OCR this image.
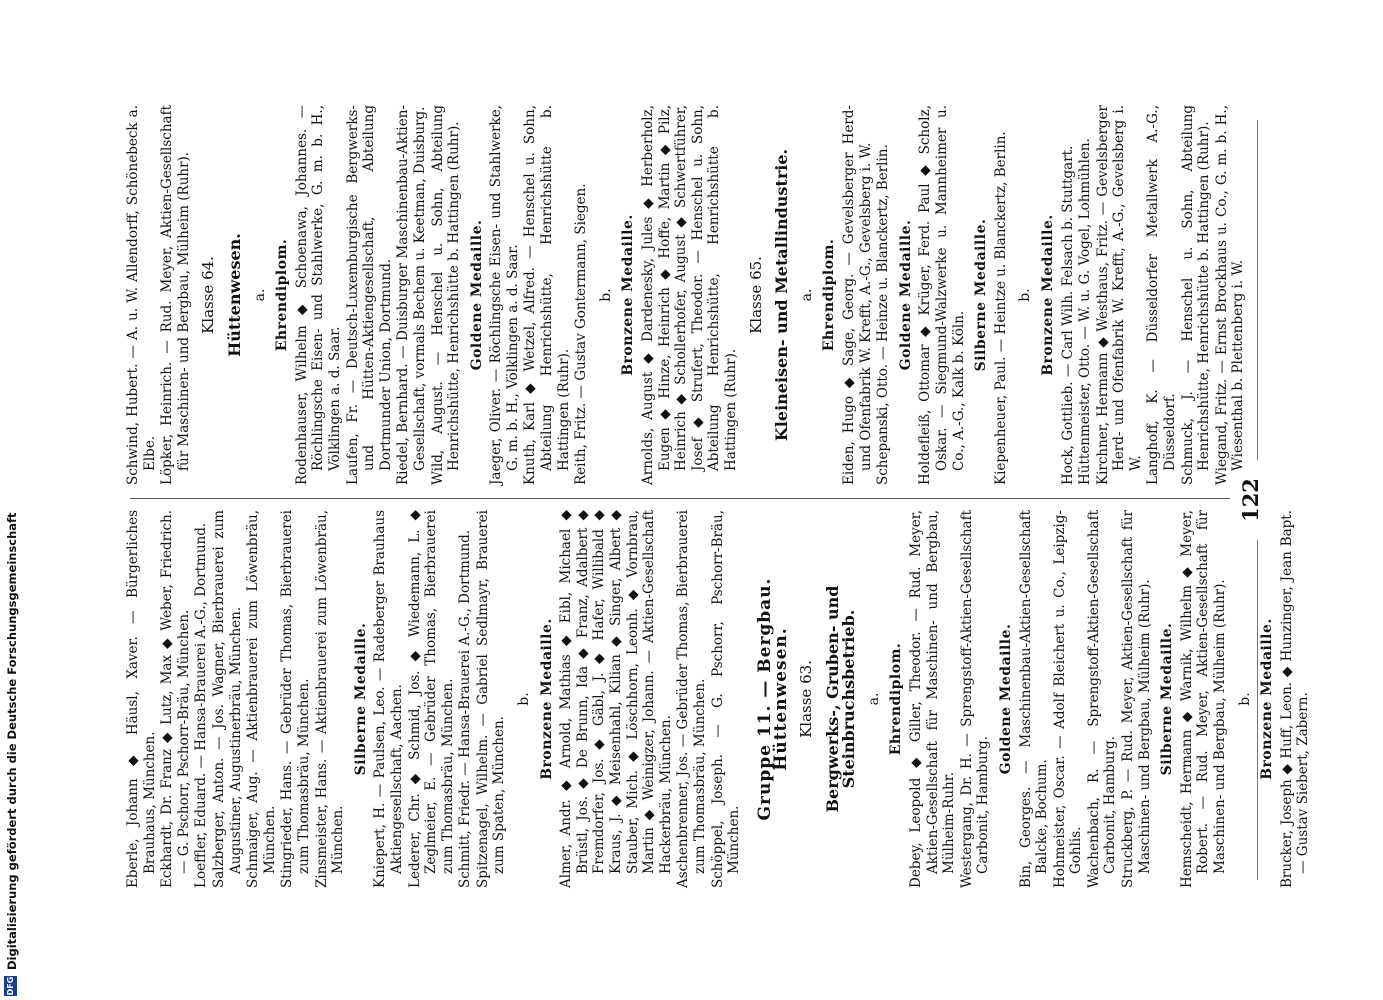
DFG
Digitalisierung gefördert durch die Deutsche Forschungsgemeinschaft
122

Eberle, Johann ◆ Häusl, Xaver. — Bürgerliches Brauhaus, München. Eckhardt, Dr. Franz ◆ Lutz, Max ◆ Weber, Friedrich. — G. Pschorr, Pschorr-Bräu, München. Loeffler, Eduard. — Hansa-Brauerei A.-G., Dortmund. Salzberger, Anton. — Jos. Wagner, Bierbrauerei zum Augustiner, Augustinerbräu, München. Schmaiger, Aug. — Aktienbrauerei zum Löwenbräu, München. Stingrieder, Hans. — Gebrüder Thomas, Bierbrauerei zum Thomasbräu, München. Zinsmeister, Hans. — Aktienbrauerei zum Löwenbräu, München.

Silberne Medaille. Kniepert, H. — Paulsen, Leo. — Radeberger Brauhaus Aktiengesellschaft, Aachen. Lederer, Chr. ◆ Schmid, Jos. ◆ Wiedemann, L. ◆ Zeglmeier, E. — Gebrüder Thomas, Bierbrauerei zum Thomasbräu, München. Schmitt, Friedr. — Hansa-Brauerei A.-G., Dortmund. Spitzenagel, Wilhelm. — Gabriel Sedlmayr, Brauerei zum Spaten, München.

b. Bronzene Medaille. Almer, Andr. ◆ Arnold, Mathias ◆ Eibl, Michael ◆ Brüstl, Jos. ◆ De Brunn, Ida ◆ Franz, Adalbert ◆ Fremdorfer, Jos. ◆ Gäbl, J. ◆ Hafer, Willibald ◆ Kraus, J. ◆ Meisenhahl, Kilian ◆ Singer, Albert ◆ Stauber, Mich. ◆ Löschhorn, Leonh. ◆ Vornbrau, Martin ◆ Weinigzer, Johann. — Aktien-Gesellschaft Hackerbräu, München. Aschenbrenner, Jos. — Gebrüder Thomas, Bierbrauerei zum Thomasbräu, München. Schöppel, Joseph. — G. Pschorr, Pschorr-Bräu, München.

Gruppe 11. — Bergbau. Hüttenwesen. Klasse 63. Bergwerks-, Gruben- und Steinbruchsbetrieb. a. Ehrendiplom. Debey, Leopold ◆ Giller, Theodor. — Rud. Meyer, Aktien-Gesellschaft für Maschinen- und Bergbau, Mülheim-Ruhr. Westergang, Dr. H. — Sprengstoff-Aktien-Gesellschaft Carbonit, Hamburg.

Goldene Medaille. Bin, Georges. — Maschinenbau-Aktien-Gesellschaft Balcke, Bochum. Hohmeister, Oscar. — Adolf Bleichert u. Co., Leipzig-Gohlis. Wachenbach, R. — Sprengstoff-Aktien-Gesellschaft Carbonit, Hamburg. Struckberg, P. — Rud. Meyer, Aktien-Gesellschaft für Maschinen- und Bergbau, Mülheim (Ruhr). Silberne Medaille. Hemscheidt, Hermann ◆ Warnik, Wilhelm ◆ Meyer, Robert. — Rud. Meyer, Aktien-Gesellschaft für Maschinen- und Bergbau, Mülheim (Ruhr). b. Bronzene Medaille. Brucker, Joseph ◆ Huff, Leon. ◆ Hunzinger, Jean Bapt. — Gustav Siebert, Zabern.

Schwind, Hubert. — A. u. W. Allendorff, Schönebeck a. Elbe. Löpker, Heinrich. — Rud. Meyer, Aktien-Gesellschaft für Maschinen- und Bergbau, Mülheim (Ruhr). Klasse 64. Hüttenwesen. a. Ehrendiplom. Rodenhauser, Wilhelm ◆ Schoenawa, Johannes. — Röchlingsche Eisen- und Stahlwerke, G. m. b. H., Völklingen a. d. Saar. Laufen, Fr. — Deutsch-Luxemburgische Bergwerks- und Hütten-Aktiengesellschaft, Abteilung Dortmunder Union, Dortmund. Riedel, Bernhard. — Duisburger Maschinenbau-Aktien-Gesellschaft, vormals Bechem u. Keetman, Duisburg. Wild, August. — Henschel u. Sohn, Abteilung Henrichshütte, Henrichshütte b. Hattingen (Ruhr). Goldene Medaille. Jaeger, Oliver. — Röchlingsche Eisen- und Stahlwerke, G. m. b. H., Völklingen a. d. Saar. Knuth, Karl ◆ Wetzel, Alfred. — Henschel u. Sohn, Abteilung Henrichshütte, Henrichshütte b. Hattingen (Ruhr). Reith, Fritz. — Gustav Gontermann, Siegen. b. Bronzene Medaille. Arnolds, August ◆ Dardenesky, Jules ◆ Herberholz, Eugen ◆ Hinze, Heinrich ◆ Hoffe, Martin ◆ Pilz, Heinrich ◆ Schollerhofer, August ◆ Schwertführer, Josef ◆ Strufert, Theodor. — Henschel u. Sohn, Abteilung Henrichshütte, Henrichshütte b. Hattingen (Ruhr).

Klasse 65. Kleineisen- und Metallindustrie. a. Ehrendiplom. Eiden, Hugo ◆ Sage, Georg. — Gevelsberger Herd- und Ofenfabrik W. Krefft, A.-G., Gevelsberg i. W. Schepanski, Otto. — Heinze u. Blanckertz, Berlin. Goldene Medaille. Holdefleiß, Ottomar ◆ Krüger, Ferd. Paul ◆ Scholz, Oskar. — Siegmund-Walzwerke u. Mannheimer u. Co., A.-G., Kalk b. Köln.

Silberne Medaille. Kiepenheuer, Paul. — Heintze u. Blanckertz, Berlin. b. Bronzene Medaille. Hock, Gottlieb. — Carl Wilh. Felsach b. Stuttgart. Hüttenmeister, Otto. — W. u. G. Vogel, Lohmühlen. Kirchner, Hermann ◆ Westhaus, Fritz. — Gevelsberger Herd- und Ofenfabrik W. Krefft, A.-G., Gevelsberg i. W. Langhoff, K. — Düsseldorfer Metallwerk A.-G., Düsseldorf. Schmuck, J. — Henschel u. Sohn, Abteilung Henrichshütte, Henrichshütte b. Hattingen (Ruhr). Wiegand, Fritz. — Ernst Brockhaus u. Co., G. m. b. H., Wiesenthal b. Plettenberg i. W.
